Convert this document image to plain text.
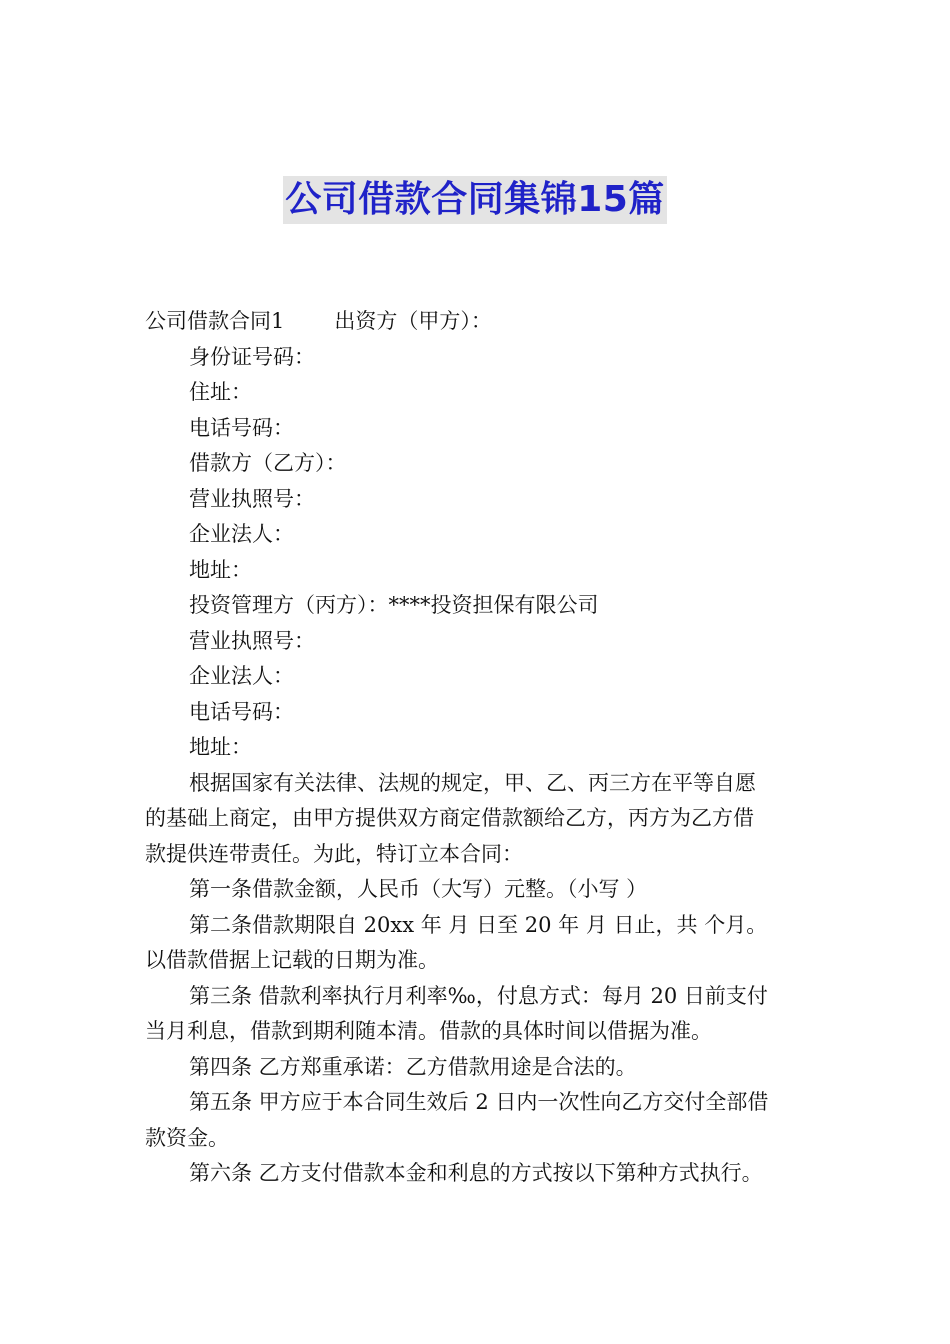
公司借款合同集锦15篇

公司借款合同1 出资方（甲方）：

身份证号码：

住址：

电话号码：

借款方（乙方）：

营业执照号：

企业法人：

地址：

投资管理方（丙方）：****投资担保有限公司

营业执照号：

企业法人：

电话号码：

地址：

根据国家有关法律、法规的规定，甲、乙、丙三方在平等自愿

的基础上商定，由甲方提供双方商定借款额给乙方，丙方为乙方借

款提供连带责任。为此，特订立本合同：

第一条借款金额，人民币（大写）元整。（小写 ）

第二条借款期限自 20xx 年 月 日至 20 年 月 日止，共 个月。

以借款借据上记载的日期为准。

第三条 借款利率执行月利率‰，付息方式：每月 20 日前支付

当月利息，借款到期利随本清。借款的具体时间以借据为准。

第四条 乙方郑重承诺：乙方借款用途是合法的。

第五条 甲方应于本合同生效后 2 日内一次性向乙方交付全部借

款资金。

第六条 乙方支付借款本金和利息的方式按以下第种方式执行。
